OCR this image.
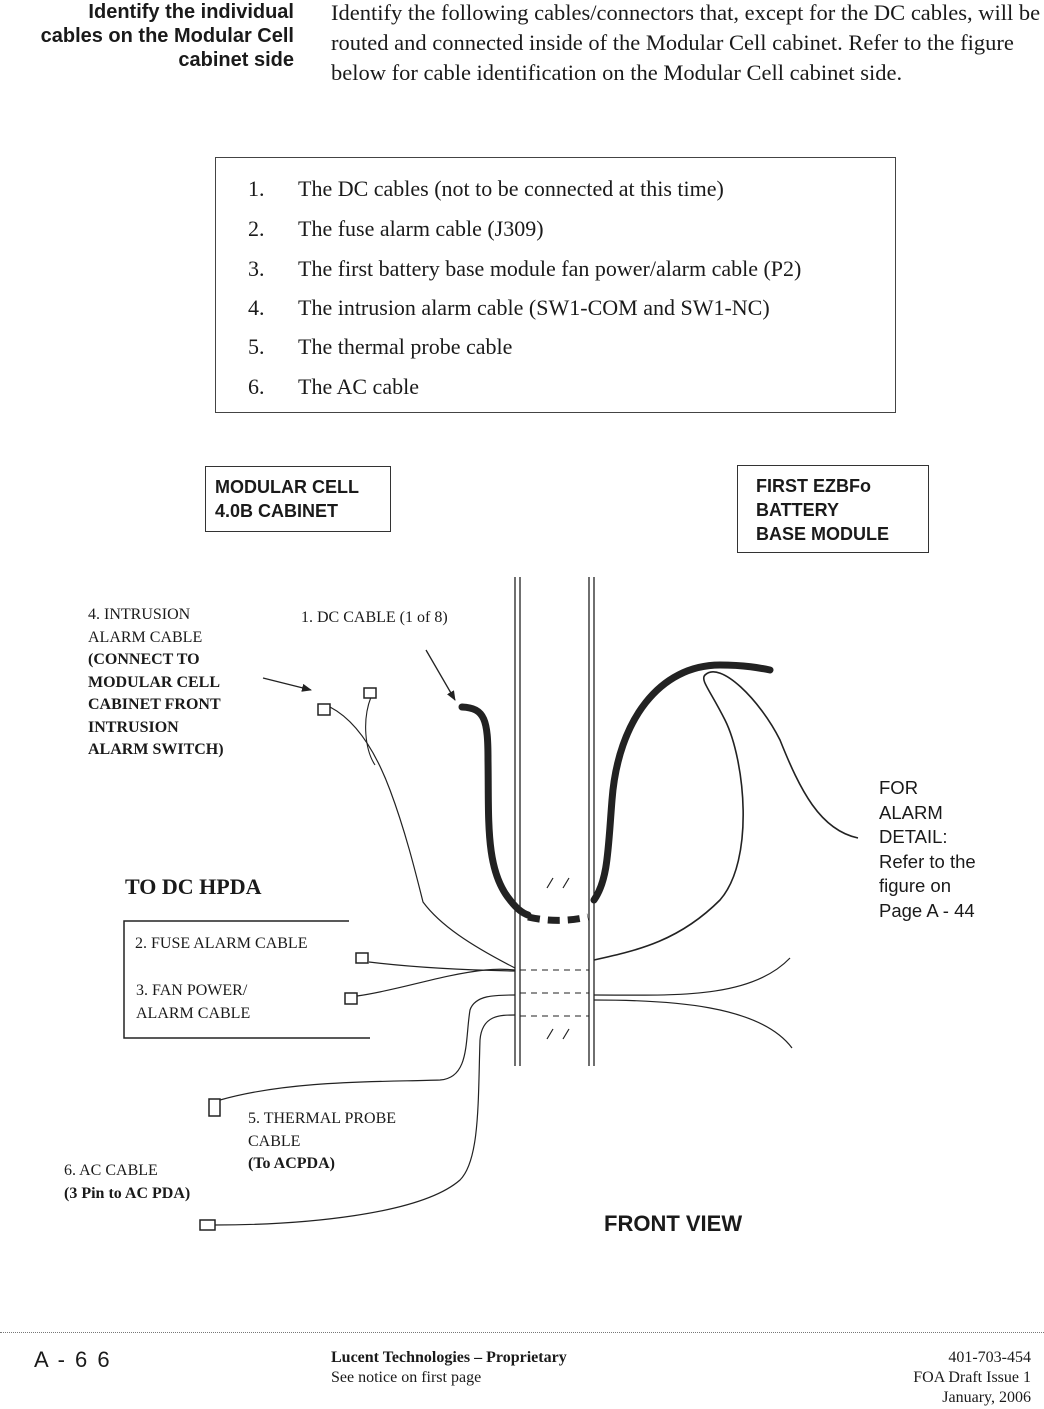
Identify the individual
cables on the Modular Cell
cabinet side
Identify the following cables/connectors that, except for the DC cables, will be routed and connected inside of the Modular Cell cabinet. Refer to the figure below for cable identification on the Modular Cell cabinet side.
1. The DC cables (not to be connected at this time)
2. The fuse alarm cable (J309)
3. The first battery base module fan power/alarm cable (P2)
4. The intrusion alarm cable (SW1-COM and SW1-NC)
5. The thermal probe cable
6. The AC cable
MODULAR CELL
4.0B CABINET
FIRST EZBFo
BATTERY
BASE MODULE
4. INTRUSION
ALARM CABLE
(CONNECT TO
MODULAR CELL
CABINET FRONT
INTRUSION
ALARM SWITCH)
1. DC CABLE (1 of 8)
FOR
ALARM
DETAIL:
Refer to the
figure on
Page A - 44
TO DC HPDA
2. FUSE ALARM CABLE
3. FAN POWER/
ALARM CABLE
5. THERMAL PROBE
CABLE
(To ACPDA)
6. AC CABLE
(3 Pin to AC PDA)
FRONT VIEW
A - 6 6	Lucent Technologies – Proprietary
See notice on first page
401-703-454
FOA Draft Issue 1
January, 2006
